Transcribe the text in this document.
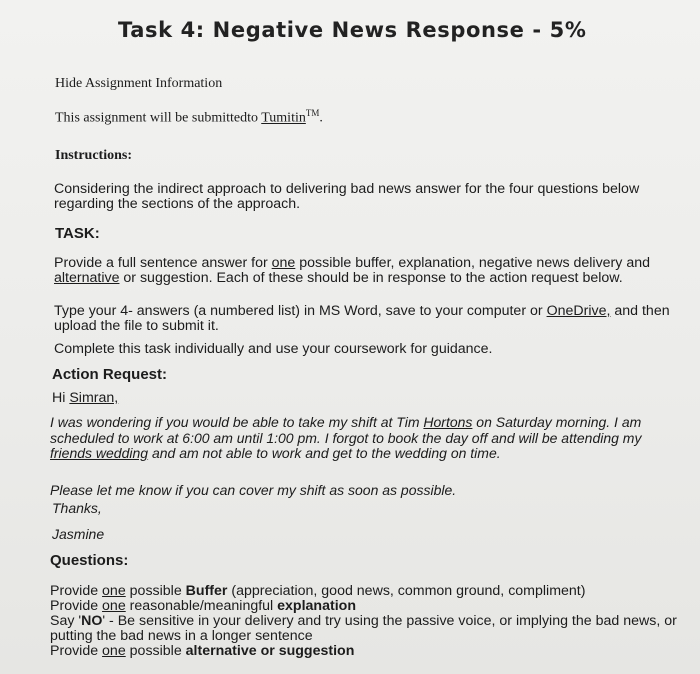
Task 4: Negative News Response - 5%
Hide Assignment Information
This assignment will be submittedto Tumitin™.
Instructions:

Considering the indirect approach to delivering bad news answer for the four questions below regarding the sections of the approach.

TASK:

Provide a full sentence answer for one possible buffer, explanation, negative news delivery and alternative or suggestion. Each of these should be in response to the action request below.

Type your 4- answers (a numbered list) in MS Word, save to your computer or OneDrive, and then upload the file to submit it.

Complete this task individually and use your coursework for guidance.

Action Request:
Hi Simran,

I was wondering if you would be able to take my shift at Tim Hortons on Saturday morning. I am scheduled to work at 6:00 am until 1:00 pm. I forgot to book the day off and will be attending my friends wedding and am not able to work and get to the wedding on time.

Please let me know if you can cover my shift as soon as possible.
Thanks,
Jasmine
Questions:
Provide one possible Buffer (appreciation, good news, common ground, compliment)
Provide one reasonable/meaningful explanation
Say 'NO' - Be sensitive in your delivery and try using the passive voice, or implying the bad news, or putting the bad news in a longer sentence
Provide one possible alternative or suggestion
